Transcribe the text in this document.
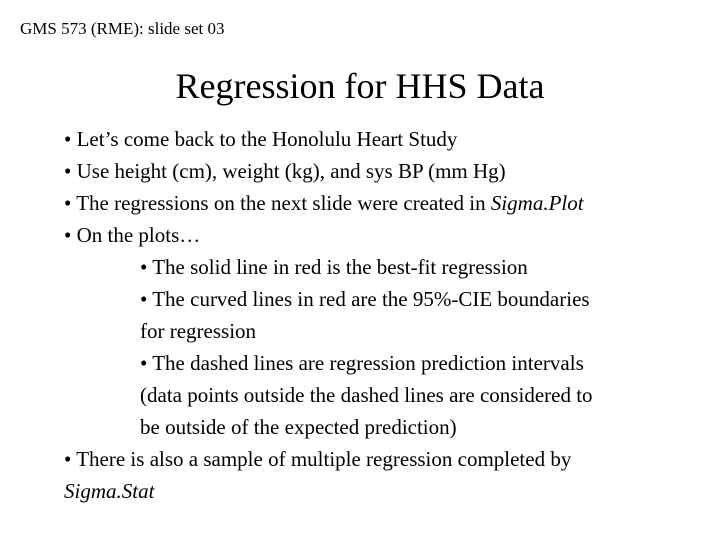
GMS 573 (RME): slide set 03
Regression for HHS Data
• Let’s come back to the Honolulu Heart Study
• Use height (cm), weight (kg), and sys BP (mm Hg)
• The regressions on the next slide were created in Sigma.Plot
• On the plots…
• The solid line in red is the best-fit regression
• The curved lines in red are the 95%-CIE boundaries
for regression
• The dashed lines are regression prediction intervals
(data points outside the dashed lines are considered to
be outside of the expected prediction)
• There is also a sample of multiple regression completed by
Sigma.Stat
